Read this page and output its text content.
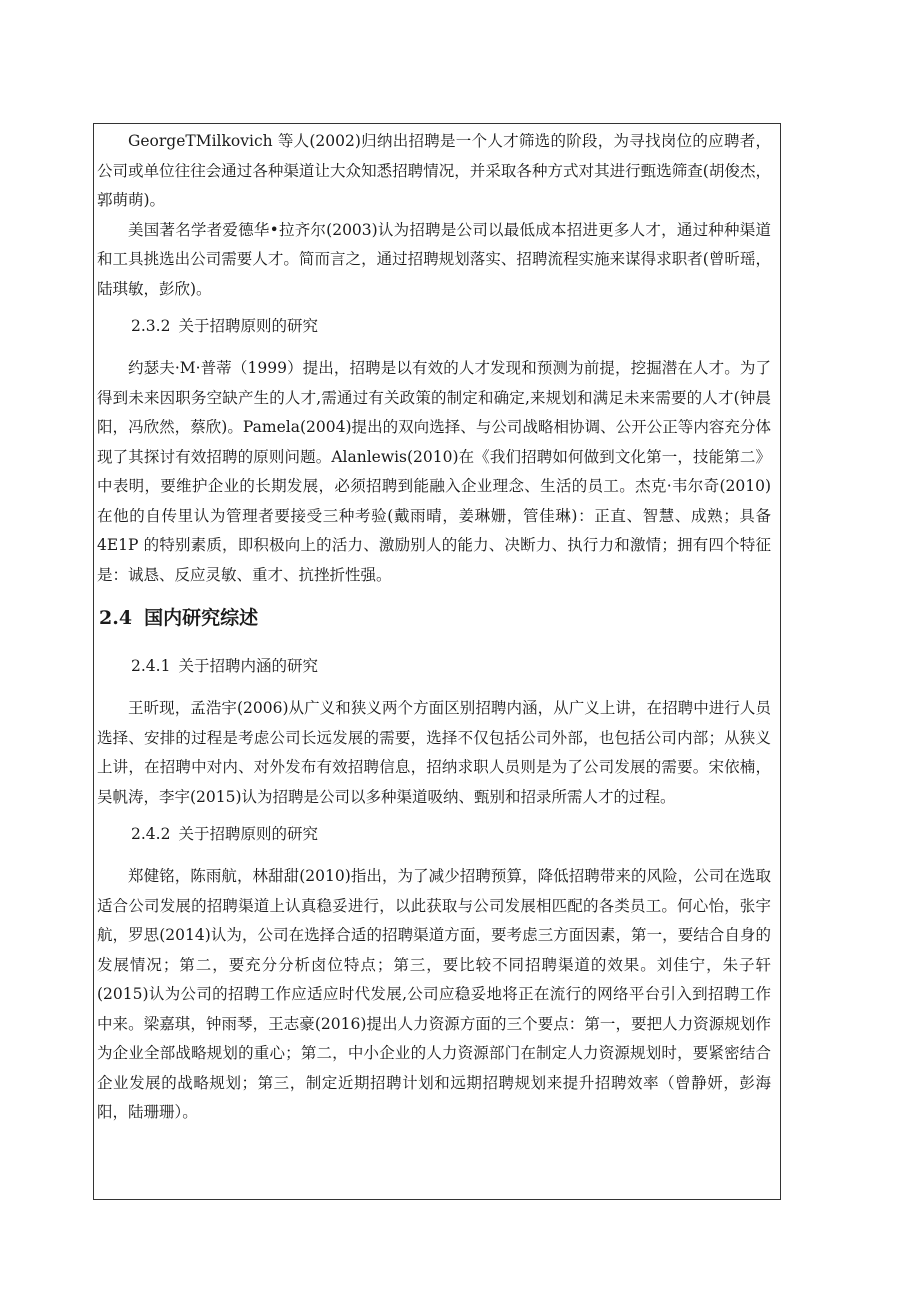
GeorgeTMilkovich 等人(2002)归纳出招聘是一个人才筛选的阶段，为寻找岗位的应聘者，公司或单位往往会通过各种渠道让大众知悉招聘情况，并采取各种方式对其进行甄选筛查(胡俊杰，郭萌萌)。

美国著名学者爱德华•拉齐尔(2003)认为招聘是公司以最低成本招进更多人才，通过种种渠道和工具挑选出公司需要人才。简而言之，通过招聘规划落实、招聘流程实施来谋得求职者(曾昕瑶，陆琪敏，彭欣)。

2.3.2 关于招聘原则的研究

约瑟夫·M·普蒂（1999）提出，招聘是以有效的人才发现和预测为前提，挖掘潜在人才。为了得到未来因职务空缺产生的人才,需通过有关政策的制定和确定,来规划和满足未来需要的人才(钟晨阳，冯欣然，蔡欣)。Pamela(2004)提出的双向选择、与公司战略相协调、公开公正等内容充分体现了其探讨有效招聘的原则问题。Alanlewis(2010)在《我们招聘如何做到文化第一，技能第二》中表明，要维护企业的长期发展，必须招聘到能融入企业理念、生活的员工。杰克·韦尔奇(2010)在他的自传里认为管理者要接受三种考验(戴雨晴，姜琳姗，管佳琳)：正直、智慧、成熟；具备 4E1P 的特别素质，即积极向上的活力、激励别人的能力、决断力、执行力和激情；拥有四个特征是：诚恳、反应灵敏、重才、抗挫折性强。

2.4 国内研究综述

2.4.1 关于招聘内涵的研究

王昕现，孟浩宇(2006)从广义和狭义两个方面区别招聘内涵，从广义上讲，在招聘中进行人员选择、安排的过程是考虑公司长远发展的需要，选择不仅包括公司外部，也包括公司内部；从狭义上讲，在招聘中对内、对外发布有效招聘信息，招纳求职人员则是为了公司发展的需要。宋依楠，吴帆涛，李宇(2015)认为招聘是公司以多种渠道吸纳、甄别和招录所需人才的过程。

2.4.2 关于招聘原则的研究

郑健铭，陈雨航，林甜甜(2010)指出，为了减少招聘预算，降低招聘带来的风险，公司在选取适合公司发展的招聘渠道上认真稳妥进行，以此获取与公司发展相匹配的各类员工。何心怡，张宇航，罗思(2014)认为，公司在选择合适的招聘渠道方面，要考虑三方面因素，第一，要结合自身的发展情况；第二，要充分分析卤位特点；第三，要比较不同招聘渠道的效果。刘佳宁，朱子轩(2015)认为公司的招聘工作应适应时代发展,公司应稳妥地将正在流行的网络平台引入到招聘工作中来。梁嘉琪，钟雨琴，王志豪(2016)提出人力资源方面的三个要点：第一，要把人力资源规划作为企业全部战略规划的重心；第二，中小企业的人力资源部门在制定人力资源规划时，要紧密结合企业发展的战略规划；第三，制定近期招聘计划和远期招聘规划来提升招聘效率（曾静妍，彭海阳，陆珊珊）。
